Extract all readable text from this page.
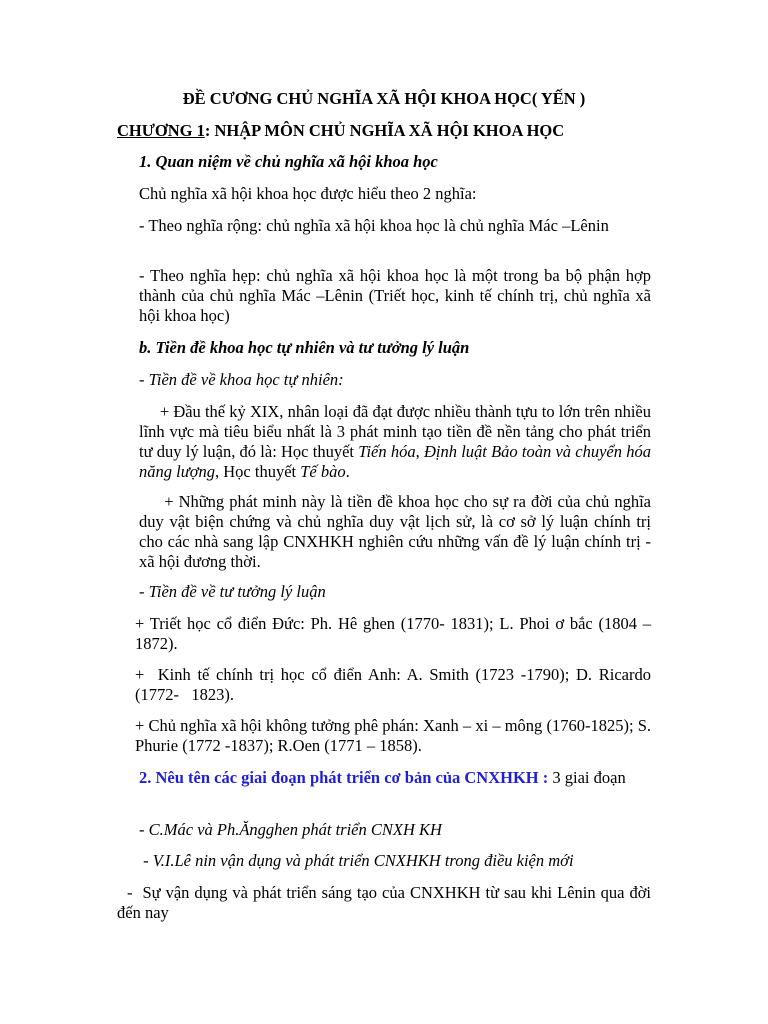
ĐỀ CƯƠNG CHỦ NGHĨA XÃ HỘI KHOA HỌC( YẾN )

CHƯƠNG 1: NHẬP MÔN CHỦ NGHĨA XÃ HỘI KHOA HỌC

1. Quan niệm về chủ nghĩa xã hội khoa học

Chủ nghĩa xã hội khoa học được hiểu theo 2 nghĩa:

- Theo nghĩa rộng: chủ nghĩa xã hội khoa học là chủ nghĩa Mác –Lênin

- Theo nghĩa hẹp: chủ nghĩa xã hội khoa học là một trong ba bộ phận hợp thành của chủ nghĩa Mác –Lênin (Triết học, kinh tế chính trị, chủ nghĩa xã hội khoa học)

b. Tiền đề khoa học tự nhiên và tư tưởng lý luận

- Tiền đề về khoa học tự nhiên:

+ Đầu thế kỷ XIX, nhân loại đã đạt được nhiều thành tựu to lớn trên nhiều lĩnh vực mà tiêu biểu nhất là 3 phát minh tạo tiền đề nền tảng cho phát triển tư duy lý luận, đó là: Học thuyết Tiến hóa, Định luật Bảo toàn và chuyển hóa năng lượng, Học thuyết Tế bào.

+ Những phát minh này là tiền đề khoa học cho sự ra đời của chủ nghĩa duy vật biện chứng và chủ nghĩa duy vật lịch sử, là cơ sở lý luận chính trị cho các nhà sang lập CNXHKH nghiên cứu những vấn đề lý luận chính trị - xã hội đương thời.

- Tiền đề về tư tưởng lý luận

+ Triết học cổ điển Đức: Ph. Hê ghen (1770- 1831); L. Phoi ơ bắc (1804 – 1872).

+  Kinh tế chính trị học cổ điển Anh: A. Smith (1723 -1790); D. Ricardo (1772-   1823).

+ Chủ nghĩa xã hội không tưởng phê phán: Xanh – xi – mông (1760-1825); S. Phurie (1772 -1837); R.Oen (1771 – 1858).

2. Nêu tên các giai đoạn phát triển cơ bản của CNXHKH : 3 giai đoạn

- C.Mác và Ph.Ăngghen phát triển CNXH KH

- V.I.Lê nin vận dụng và phát triển CNXHKH trong điều kiện mới

-  Sự vận dụng và phát triển sáng tạo của CNXHKH từ sau khi Lênin qua đời đến nay
